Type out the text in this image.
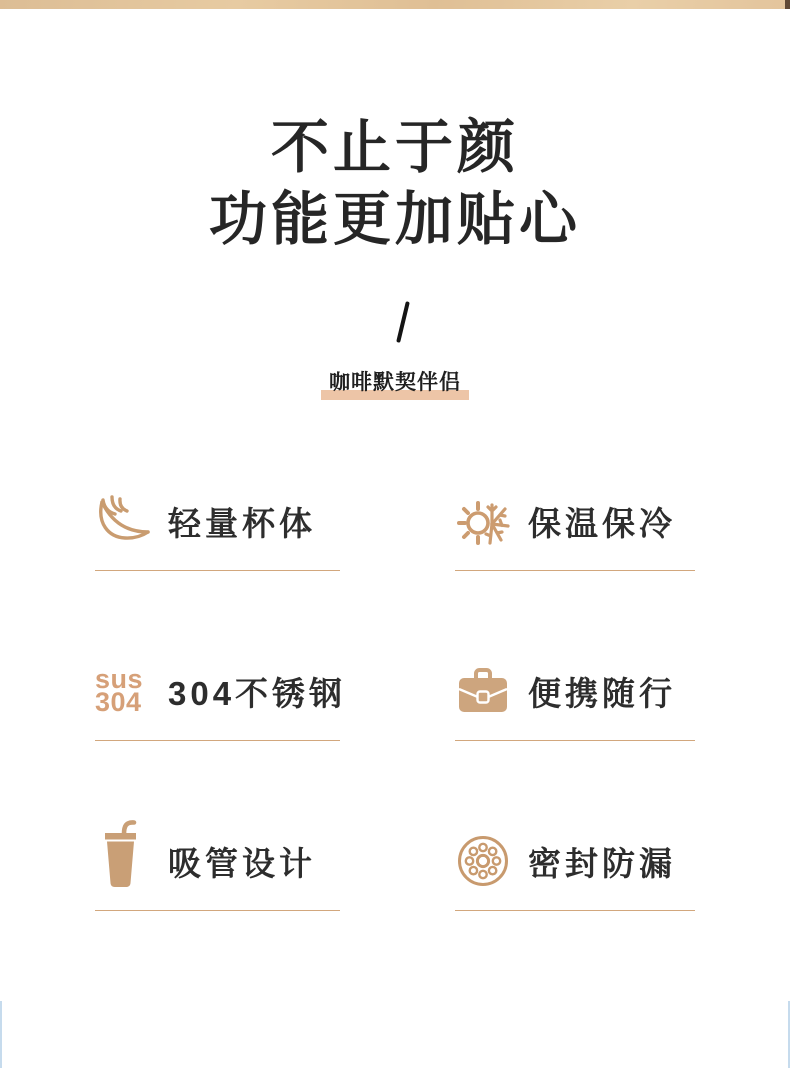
不止于颜
功能更加贴心
咖啡默契伴侣
轻量杯体	保温保冷
sus
304 304不锈钢	便携随行
吸管设计	密封防漏
